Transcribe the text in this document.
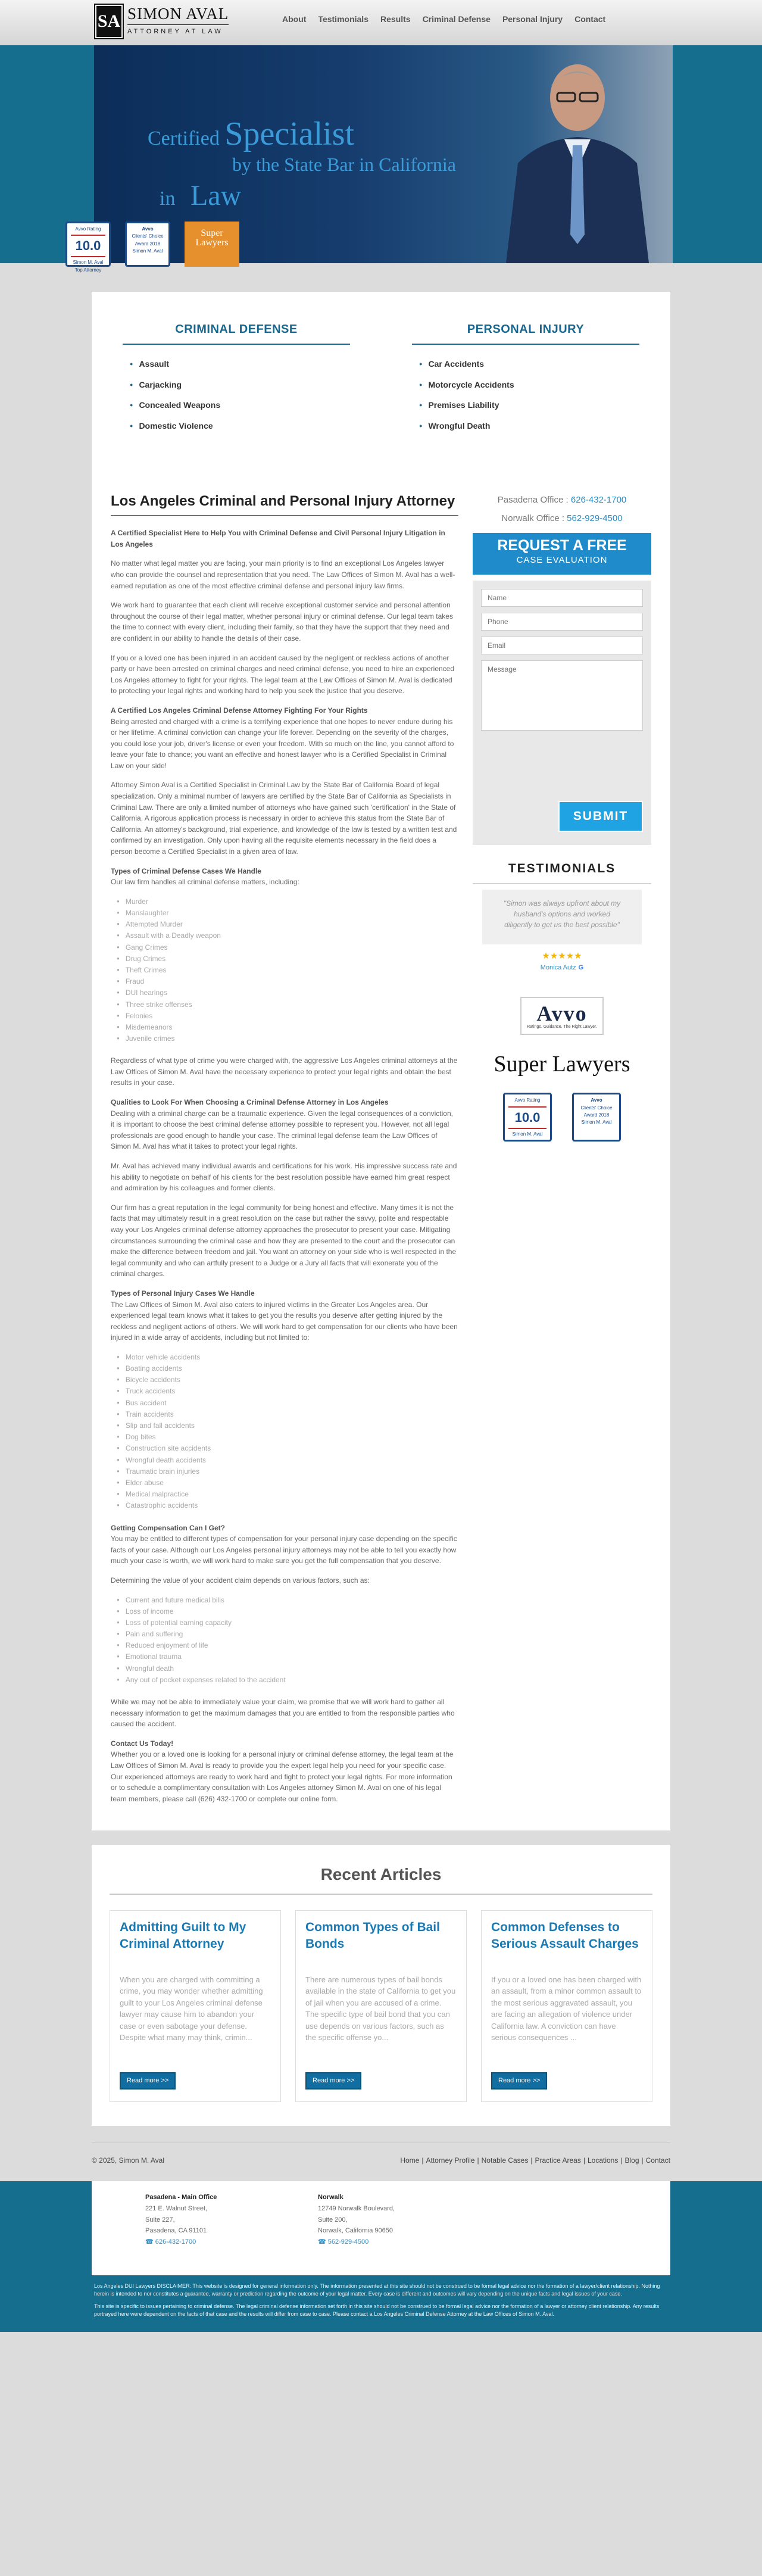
SA SIMON AVAL
ATTORNEY AT LAW
About Testimonials Results Criminal Defense Personal Injury Contact
Certified Specialist
by the State Bar in California
in Law
Avvo Rating
10.0
Simon M. Aval
Top Attorney
Avvo
Clients' Choice Award 2018
Simon M. Aval
Super
Lawyers
CRIMINAL DEFENSE
● Assault
● Carjacking
● Concealed Weapons
● Domestic Violence
PERSONAL INJURY
● Car Accidents
● Motorcycle Accidents
● Premises Liability
● Wrongful Death
Los Angeles Criminal and Personal Injury Attorney

A Certified Specialist Here to Help You with Criminal Defense and Civil Personal Injury Litigation in Los Angeles

No matter what legal matter you are facing, your main priority is to find an exceptional Los Angeles lawyer who can provide the counsel and representation that you need. The Law Offices of Simon M. Aval has a well-earned reputation as one of the most effective criminal defense and personal injury law firms.

We work hard to guarantee that each client will receive exceptional customer service and personal attention throughout the course of their legal matter, whether personal injury or criminal defense. Our legal team takes the time to connect with every client, including their family, so that they have the support that they need and are confident in our ability to handle the details of their case.

If you or a loved one has been injured in an accident caused by the negligent or reckless actions of another party or have been arrested on criminal charges and need criminal defense, you need to hire an experienced Los Angeles attorney to fight for your rights. The legal team at the Law Offices of Simon M. Aval is dedicated to protecting your legal rights and working hard to help you seek the justice that you deserve.

A Certified Los Angeles Criminal Defense Attorney Fighting For Your Rights

Being arrested and charged with a crime is a terrifying experience that one hopes to never endure during his or her lifetime. A criminal conviction can change your life forever. Depending on the severity of the charges, you could lose your job, driver's license or even your freedom. With so much on the line, you cannot afford to leave your fate to chance; you want an effective and honest lawyer who is a Certified Specialist in Criminal Law on your side!

Attorney Simon Aval is a Certified Specialist in Criminal Law by the State Bar of California Board of legal specialization. Only a minimal number of lawyers are certified by the State Bar of California as Specialists in Criminal Law. There are only a limited number of attorneys who have gained such 'certification' in the State of California. A rigorous application process is necessary in order to achieve this status from the State Bar of California. An attorney's background, trial experience, and knowledge of the law is tested by a written test and confirmed by an investigation. Only upon having all the requisite elements necessary in the field does a person become a Certified Specialist in a given area of law.

Types of Criminal Defense Cases We Handle

Our law firm handles all criminal defense matters, including:

● Murder
● Manslaughter
● Attempted Murder
● Assault with a Deadly weapon
● Gang Crimes
● Drug Crimes
● Theft Crimes
● Fraud
● DUI hearings
● Three strike offenses
● Felonies
● Misdemeanors
● Juvenile crimes

Regardless of what type of crime you were charged with, the aggressive Los Angeles criminal attorneys at the Law Offices of Simon M. Aval have the necessary experience to protect your legal rights and obtain the best results in your case.

Qualities to Look For When Choosing a Criminal Defense Attorney in Los Angeles

Dealing with a criminal charge can be a traumatic experience. Given the legal consequences of a conviction, it is important to choose the best criminal defense attorney possible to represent you. However, not all legal professionals are good enough to handle your case. The criminal legal defense team the Law Offices of Simon M. Aval has what it takes to protect your legal rights.

Mr. Aval has achieved many individual awards and certifications for his work. His impressive success rate and his ability to negotiate on behalf of his clients for the best resolution possible have earned him great respect and admiration by his colleagues and former clients.

Our firm has a great reputation in the legal community for being honest and effective. Many times it is not the facts that may ultimately result in a great resolution on the case but rather the savvy, polite and respectable way your Los Angeles criminal defense attorney approaches the prosecutor to present your case. Mitigating circumstances surrounding the criminal case and how they are presented to the court and the prosecutor can make the difference between freedom and jail. You want an attorney on your side who is well respected in the legal community and who can artfully present to a Judge or a Jury all facts that will exonerate you of the criminal charges.

Types of Personal Injury Cases We Handle

The Law Offices of Simon M. Aval also caters to injured victims in the Greater Los Angeles area. Our experienced legal team knows what it takes to get you the results you deserve after getting injured by the reckless and negligent actions of others. We will work hard to get compensation for our clients who have been injured in a wide array of accidents, including but not limited to:

● Motor vehicle accidents
● Boating accidents
● Bicycle accidents
● Truck accidents
● Bus accident
● Train accidents
● Slip and fall accidents
● Dog bites
● Construction site accidents
● Wrongful death accidents
● Traumatic brain injuries
● Elder abuse
● Medical malpractice
● Catastrophic accidents
Getting Compensation Can I Get?

You may be entitled to different types of compensation for your personal injury case depending on the specific facts of your case. Although our Los Angeles personal injury attorneys may not be able to tell you exactly how much your case is worth, we will work hard to make sure you get the full compensation that you deserve.

Determining the value of your accident claim depends on various factors, such as:

● Current and future medical bills
● Loss of income
● Loss of potential earning capacity
● Pain and suffering
● Reduced enjoyment of life
● Emotional trauma
● Wrongful death
● Any out of pocket expenses related to the accident

While we may not be able to immediately value your claim, we promise that we will work hard to gather all necessary information to get the maximum damages that you are entitled to from the responsible parties who caused the accident.

Contact Us Today!

Whether you or a loved one is looking for a personal injury or criminal defense attorney, the legal team at the Law Offices of Simon M. Aval is ready to provide you the expert legal help you need for your specific case. Our experienced attorneys are ready to work hard and fight to protect your legal rights. For more information or to schedule a complimentary consultation with Los Angeles attorney Simon M. Aval on one of his legal team members, please call (626) 432-1700 or complete our online form.

Pasadena Office : 626-432-1700
Norwalk Office : 562-929-4500
REQUEST A FREE
CASE EVALUATION
Name Phone Email Message
SUBMIT
TESTIMONIALS
"Simon was always upfront about my husband's options and worked diligently to get us the best possible"
★★★★★
Monica Autz G
Avvo
Ratings. Guidance. The Right Lawyer.
Super Lawyers
Avvo Rating
10.0
Simon M. Aval
Avvo
Clients' Choice Award 2018
Simon M. Aval
Recent Articles
Admitting Guilt to My Criminal Attorney

When you are charged with committing a crime, you may wonder whether admitting guilt to your Los Angeles criminal defense lawyer may cause him to abandon your case or even sabotage your defense. Despite what many may think, crimin...

Read more >>
Common Types of Bail Bonds

There are numerous types of bail bonds available in the state of California to get you of jail when you are accused of a crime. The specific type of bail bond that you can use depends on various factors, such as the specific offense yo...

Read more >>
Common Defenses to Serious Assault Charges

If you or a loved one has been charged with an assault, from a minor common assault to the most serious aggravated assault, you are facing an allegation of violence under California law. A conviction can have serious consequences ...

Read more >>
© 2025, Simon M. Aval	Home | Attorney Profile | Notable Cases | Practice Areas | Locations | Blog | Contact
Pasadena - Main Office
221 E. Walnut Street,
Suite 227,
Pasadena, CA 91101
☎ 626-432-1700
Norwalk
12749 Norwalk Boulevard,
Suite 200,
Norwalk, California 90650
☎ 562-929-4500

Los Angeles DUI Lawyers DISCLAIMER: This website is designed for general information only. The information presented at this site should not be construed to be formal legal advice nor the formation of a lawyer/client relationship. Nothing herein is intended to nor constitutes a guarantee, warranty or prediction regarding the outcome of your legal matter. Every case is different and outcomes will vary depending on the unique facts and legal issues of your case.

This site is specific to issues pertaining to criminal defense. The legal criminal defense information set forth in this site should not be construed to be formal legal advice nor the formation of a lawyer or attorney client relationship. Any results portrayed here were dependent on the facts of that case and the results will differ from case to case. Please contact a Los Angeles Criminal Defense Attorney at the Law Offices of Simon M. Aval.
